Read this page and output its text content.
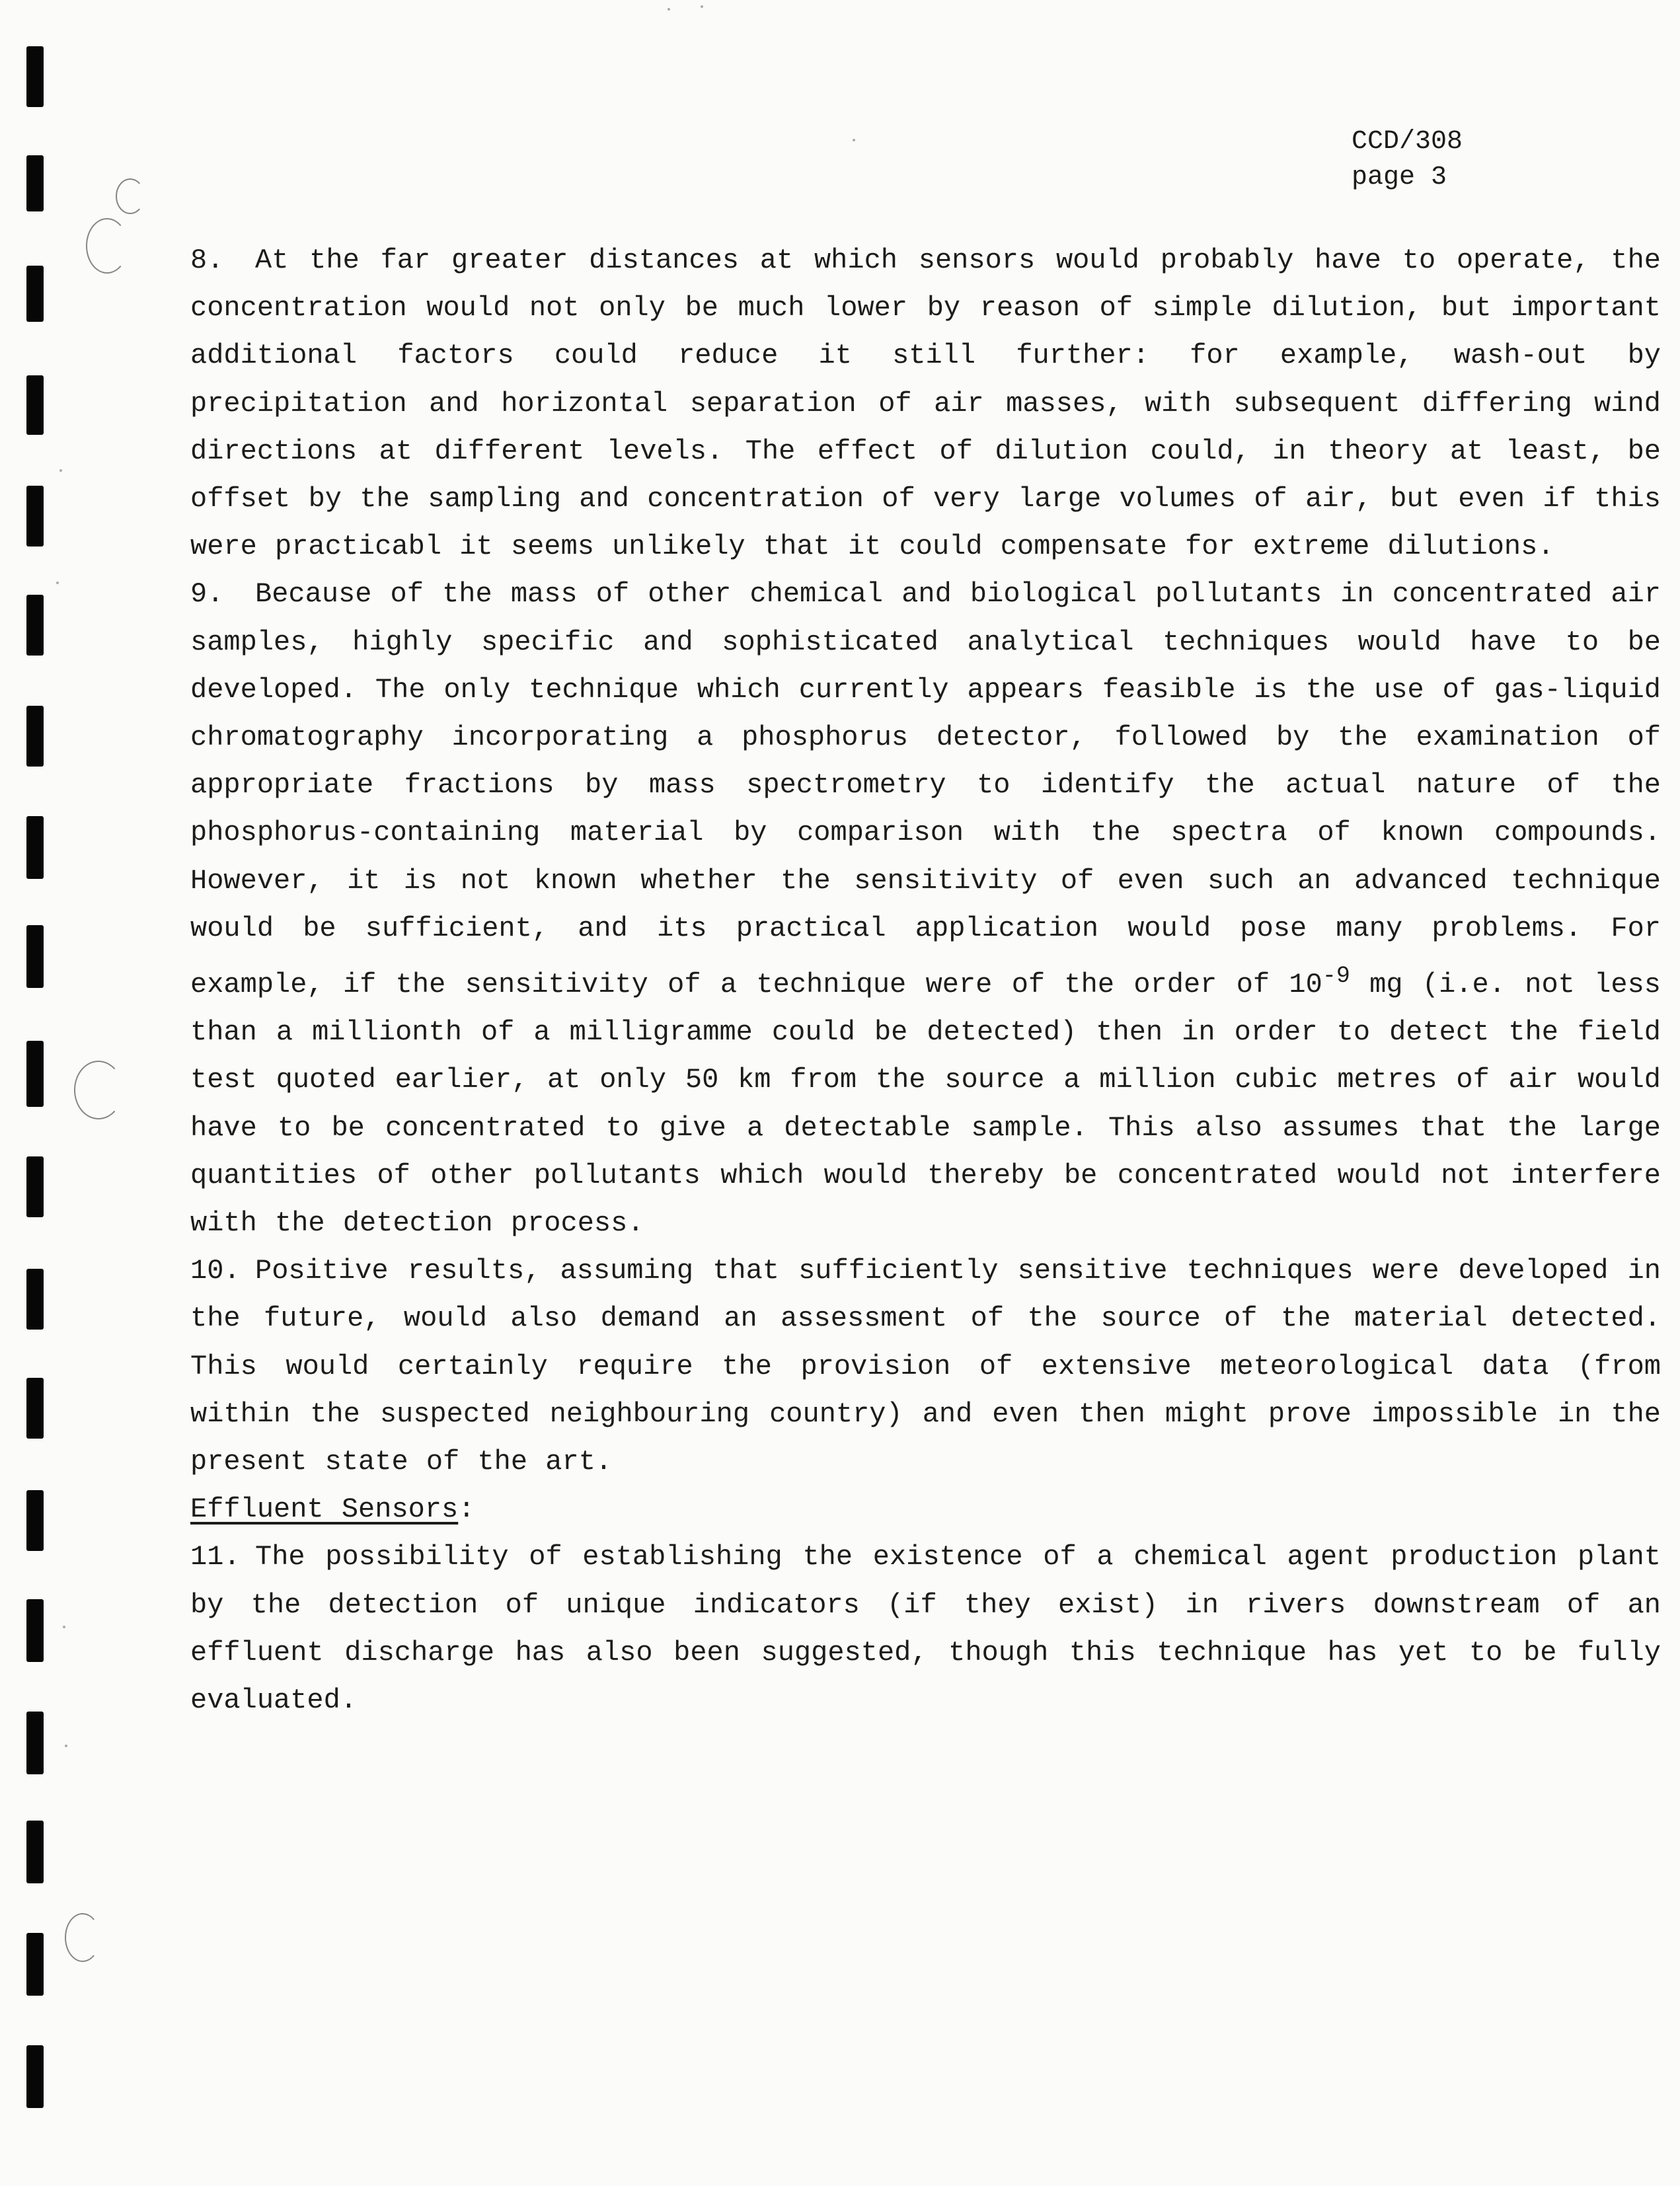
CCD/308
page 3

8. At the far greater distances at which sensors would probably have to operate, the concentration would not only be much lower by reason of simple dilution, but important additional factors could reduce it still further: for example, wash-out by precipitation and horizontal separation of air masses, with subsequent differing wind directions at different levels. The effect of dilution could, in theory at least, be offset by the sampling and concentration of very large volumes of air, but even if this were practicabl it seems unlikely that it could compensate for extreme dilutions.

9. Because of the mass of other chemical and biological pollutants in concentrated air samples, highly specific and sophisticated analytical techniques would have to be developed. The only technique which currently appears feasible is the use of gas-liquid chromatography incorporating a phosphorus detector, followed by the examination of appropriate fractions by mass spectrometry to identify the actual nature of the phosphorus-containing material by comparison with the spectra of known compounds. However, it is not known whether the sensitivity of even such an advanced technique would be sufficient, and its practical application would pose many problems. For example, if the sensitivity of a technique were of the order of $10^{-9}$ mg (i.e. not less than a millionth of a milligramme could be detected) then in order to detect the field test quoted earlier, at only 50 km from the source a million cubic metres of air would have to be concentrated to give a detectable sample. This also assumes that the large quantities of other pollutants which would thereby be concentrated would not interfere with the detection process.

10. Positive results, assuming that sufficiently sensitive techniques were developed in the future, would also demand an assessment of the source of the material detected. This would certainly require the provision of extensive meteorological data (from within the suspected neighbouring country) and even then might prove impossible in the present state of the art.

Effluent Sensors:

11. The possibility of establishing the existence of a chemical agent production plant by the detection of unique indicators (if they exist) in rivers downstream of an effluent discharge has also been suggested, though this technique has yet to be fully evaluated.
